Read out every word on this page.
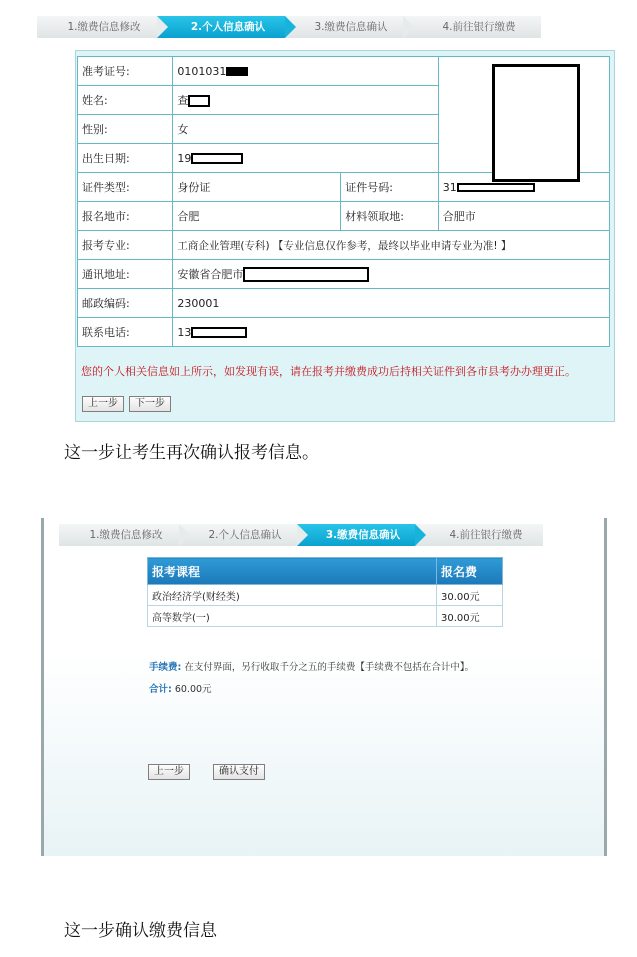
1.缴费信息修改	2.个人信息确认	3.缴费信息确认	4.前往银行缴费
准考证号:	0101031		
姓名:	查		
性别:	女		
出生日期:	19		
证件类型:	身份证	证件号码:	31
报名地市:	合肥	材料领取地:	合肥市
报考专业:	工商企业管理(专科) 【专业信息仅作参考，最终以毕业申请专业为准! 】		
通讯地址:	安徽省合肥市		
邮政编码:	230001		
联系电话:	13		
您的个人相关信息如上所示，如发现有误，请在报考并缴费成功后持相关证件到各市县考办办理更正。
上一步	下一步
这一步让考生再次确认报考信息。
1.缴费信息修改	2.个人信息确认	3.缴费信息确认	4.前往银行缴费
报考课程	报名费
政治经济学(财经类)	30.00元
高等数学(一)	30.00元
手续费: 在支付界面，另行收取千分之五的手续费【手续费不包括在合计中】。
合计: 60.00元
上一步	确认支付
这一步确认缴费信息
